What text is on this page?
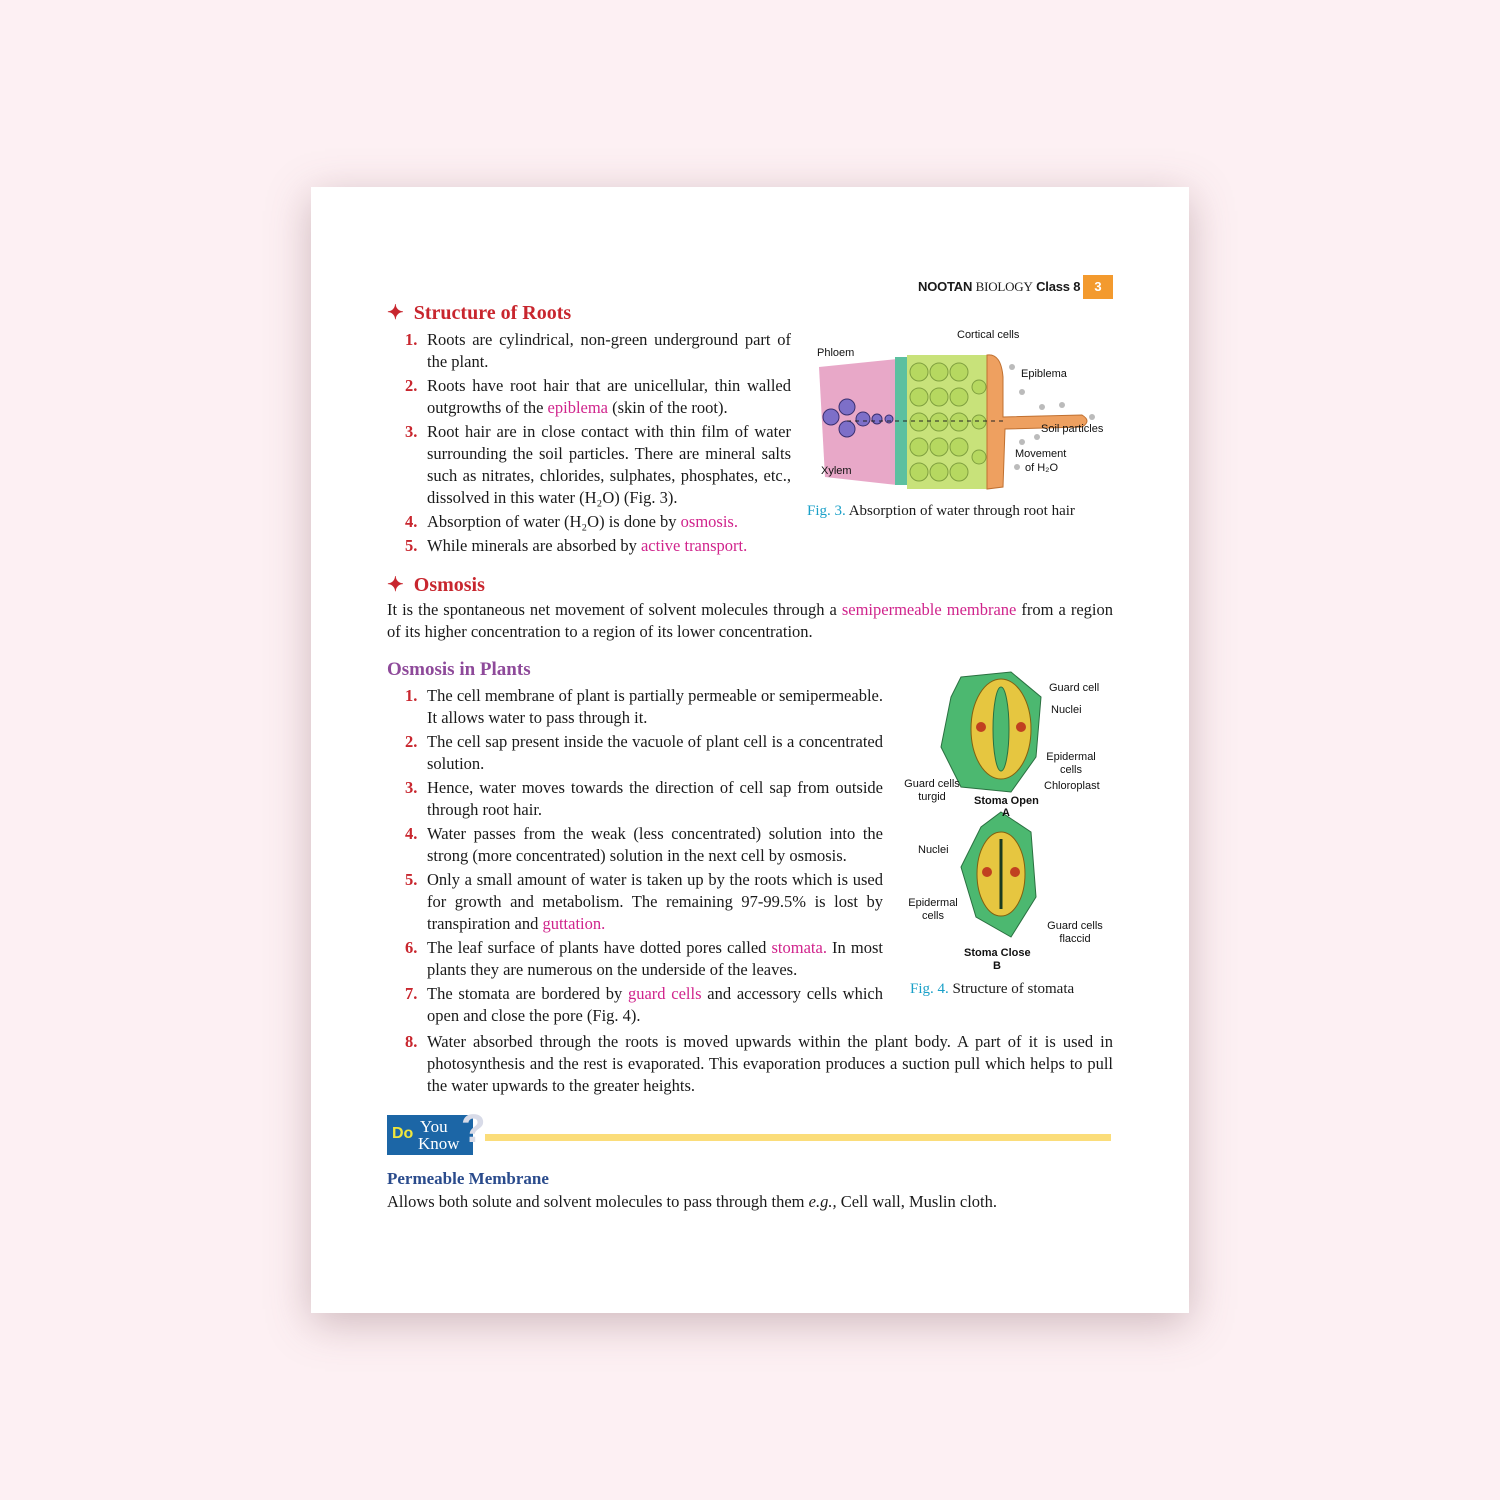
NOOTAN BIOLOGY Class 8	3
✦ Structure of Roots
1. Roots are cylindrical, non-green underground part of the plant.
2. Roots have root hair that are unicellular, thin walled outgrowths of the epiblema (skin of the root).
3. Root hair are in close contact with thin film of water surrounding the soil particles. There are mineral salts such as nitrates, chlorides, sulphates, phosphates, etc., dissolved in this water (H₂O) (Fig. 3).
4. Absorption of water (H₂O) is done by osmosis.
5. While minerals are absorbed by active transport.
Cortical cells
Phloem
Epiblema
Soil particles
Movement
of H₂O
Xylem
Fig. 3. Absorption of water through root hair
✦ Osmosis

It is the spontaneous net movement of solvent molecules through a semipermeable membrane from a region of its higher concentration to a region of its lower concentration.

Osmosis in Plants
1. The cell membrane of plant is partially permeable or semipermeable. It allows water to pass through it.
2. The cell sap present inside the vacuole of plant cell is a concentrated solution.
3. Hence, water moves towards the direction of cell sap from outside through root hair.
4. Water passes from the weak (less concentrated) solution into the strong (more concentrated) solution in the next cell by osmosis.
5. Only a small amount of water is taken up by the roots which is used for growth and metabolism. The remaining 97-99.5% is lost by transpiration and guttation.
6. The leaf surface of plants have dotted pores called stomata. In most plants they are numerous on the underside of the leaves.
7. The stomata are bordered by guard cells and accessory cells which open and close the pore (Fig. 4).
8. Water absorbed through the roots is moved upwards within the plant body. A part of it is used in photosynthesis and the rest is evaporated. This evaporation produces a suction pull which helps to pull the water upwards to the greater heights.
Guard cell
Nuclei
Epidermal cells
Chloroplast
Guard cells turgid	Stoma Open
A
Nuclei
Epidermal cells
Guard cells flaccid
Stoma Close
B
Fig. 4. Structure of stomata
Do You
Know ?
Permeable Membrane
Allows both solute and solvent molecules to pass through them e.g., Cell wall, Muslin cloth.
